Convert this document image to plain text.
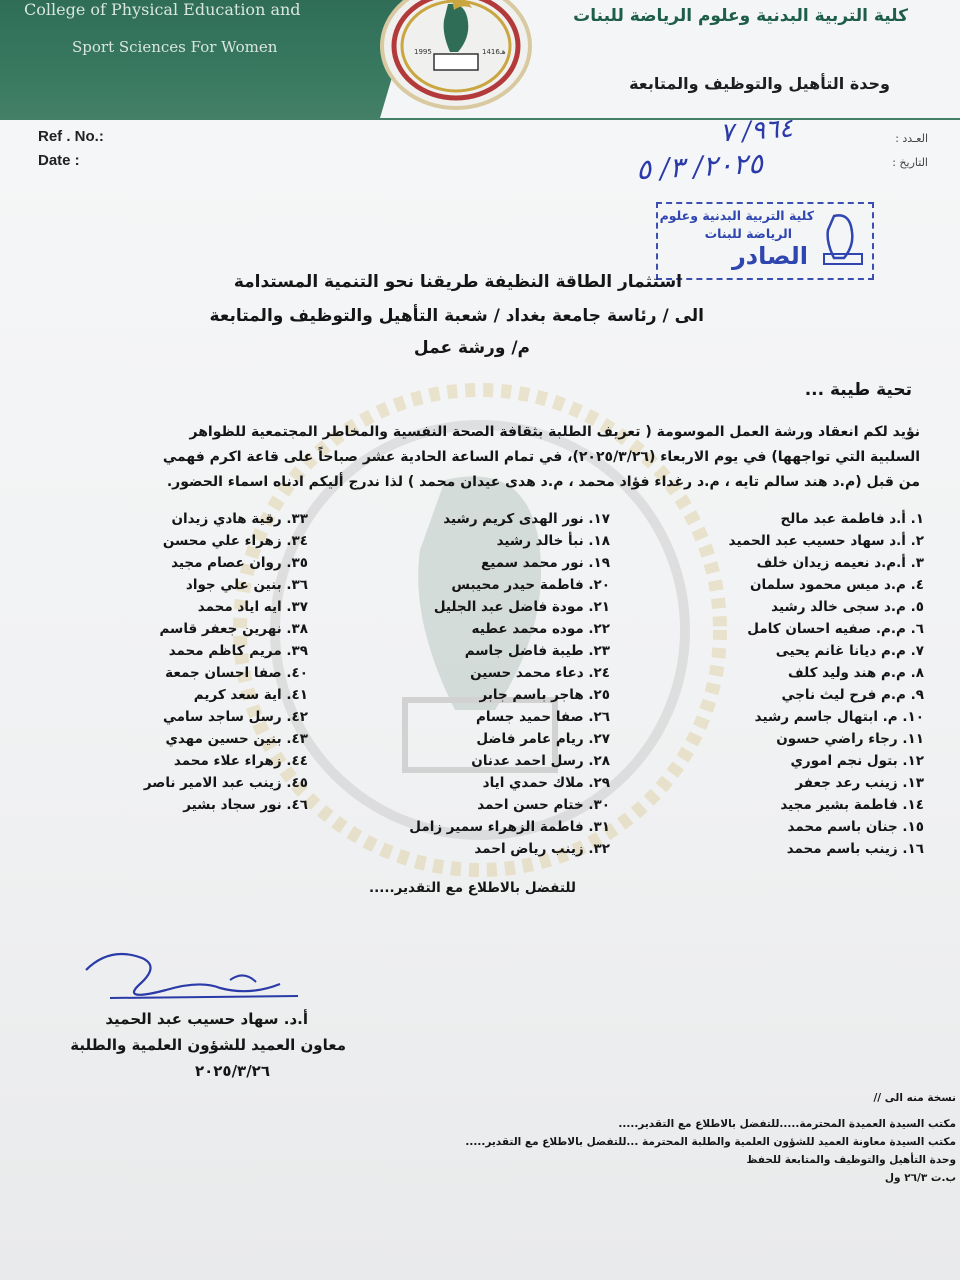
College of Physical Education and
Sport Sciences For Women	1995	1416هـ
كلية التربية البدنية وعلوم الرياضة للبنات
وحدة التأهيل والتوظيف والمتابعة
Ref . No.:
Date :
العـدد :
التاريخ :
٩٦٤/ ٧
٢٠٢٥/ ٣/ ٥
كلية التربية البدنية وعلوم
الرياضة للبنات
الصادر
استثمار الطاقة النظيفة طريقنا نحو التنمية المستدامة
الى / رئاسة جامعة بغداد / شعبة التأهيل والتوظيف والمتابعة
م/ ورشة عمل
تحية طيبة ...
نؤيد لكم انعقاد ورشة العمل الموسومة ( تعريف الطلبة بثقافة الصحة النفسية والمخاطر المجتمعية للظواهر
السلبية التي تواجهها) في يوم الاربعاء (٢٠٢٥/٣/٢٦)، في تمام الساعة الحادية عشر صباحاً على قاعة اكرم فهمي
من قبل (م.د هند سالم تايه ، م.د رغداء فؤاد محمد ، م.د هدى عيدان محمد ) لذا ندرج أليكم ادناه اسماء الحضور.
١. أ.د فاطمة عبد مالح
٢. أ.د سهاد حسيب عبد الحميد
٣. أ.م.د نعيمه زيدان خلف
٤. م.د ميس محمود سلمان
٥. م.د سجى خالد رشيد
٦. م.م. صفيه احسان كامل
٧. م.م ديانا غانم يحيى
٨. م.م هند وليد كلف
٩. م.م فرح ليث ناجي
١٠. م. ابتهال جاسم رشيد
١١. رجاء راضي حسون
١٢. بتول نجم اموري
١٣. زينب رعد جعفر
١٤. فاطمة بشير مجيد
١٥. جنان باسم محمد
١٦. زينب باسم محمد
١٧. نور الهدى كريم رشيد
١٨. نبأ خالد رشيد
١٩. نور محمد سميع
٢٠. فاطمة حيدر محيبس
٢١. مودة فاضل عبد الجليل
٢٢. موده محمد عطيه
٢٣. طيبة فاضل جاسم
٢٤. دعاء محمد حسين
٢٥. هاجر باسم جابر
٢٦. صفا حميد جسام
٢٧. ريام عامر فاضل
٢٨. رسل احمد عدنان
٢٩. ملاك حمدي اياد
٣٠. ختام حسن احمد
٣١. فاطمة الزهراء سمير زامل
٣٢. زينب رياض احمد
٣٣. رقية هادي زيدان
٣٤. زهراء علي محسن
٣٥. روان عصام مجيد
٣٦. بنين علي جواد
٣٧. ايه اياد محمد
٣٨. نهرين جعفر قاسم
٣٩. مريم كاظم محمد
٤٠. صفا احسان جمعة
٤١. اية سعد كريم
٤٢. رسل ساجد سامي
٤٣. بنين حسين مهدي
٤٤. زهراء علاء محمد
٤٥. زينب عبد الامير ناصر
٤٦. نور سجاد بشير
للتفضل بالاطلاع مع التقدير.....
أ.د. سهاد حسيب عبد الحميد
معاون العميد للشؤون العلمية والطلبة
٢٠٢٥/٣/٢٦
نسخة منه الى //
مكتب السيدة العميدة المحترمة.....للتفضل بالاطلاع مع التقدير.....
مكتب السيدة معاونة العميد للشؤون العلمية والطلبة المحترمة ...للتفضل بالاطلاع مع التقدير.....
وحدة التأهيل والتوظيف والمتابعة للحفظ
ب.ت ٢٦/٣ ول
